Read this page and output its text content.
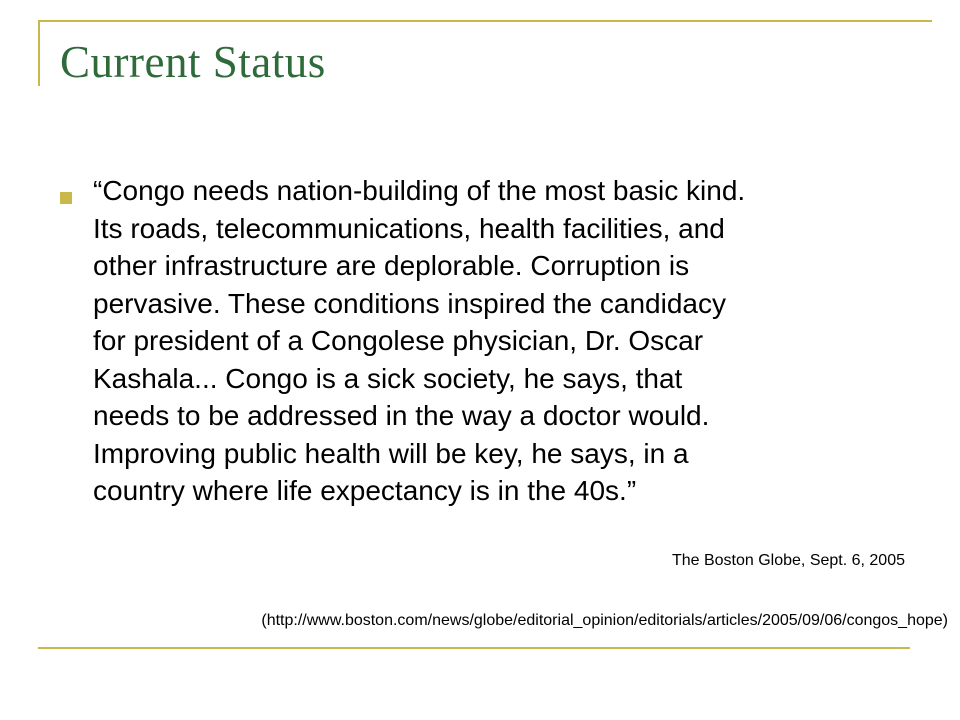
Current Status
“Congo needs nation-building of the most basic kind.
Its roads, telecommunications, health facilities, and
other infrastructure are deplorable. Corruption is
pervasive. These conditions inspired the candidacy
for president of a Congolese physician, Dr. Oscar
Kashala... Congo is a sick society, he says, that
needs to be addressed in the way a doctor would.
Improving public health will be key, he says, in a
country where life expectancy is in the 40s.”
The Boston Globe, Sept. 6, 2005
(http://www.boston.com/news/globe/editorial_opinion/editorials/articles/2005/09/06/congos_hope)
